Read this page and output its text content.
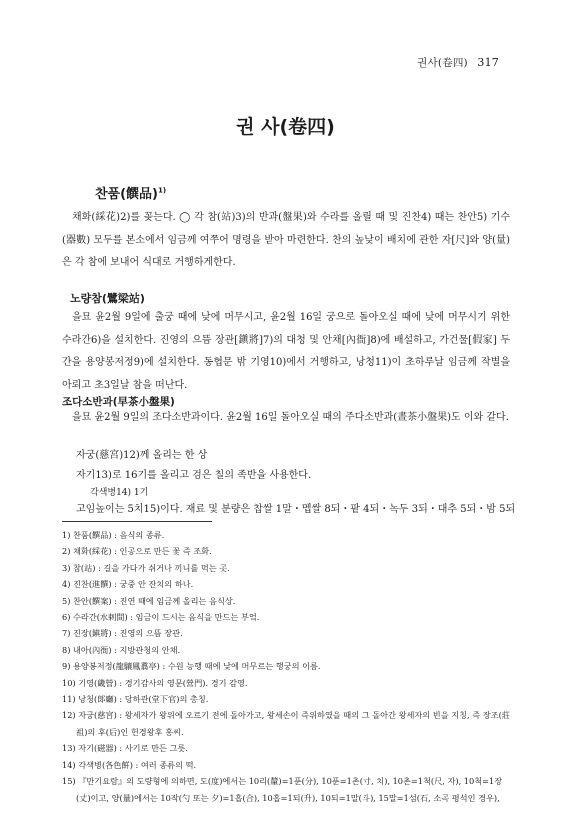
권사(卷四) 317
권 사(卷四)
찬품(饌品)$^{1)}$

채화(綵花)2)를 꽂는다. ◯ 각 참(站)3)의 반과(盤果)와 수라를 올릴 때 및 진찬4) 때는 찬안5) 기수(器數) 모두를 본소에서 임금께 여쭈어 명령을 받아 마련한다. 찬의 높낮이 배치에 관한 자[尺]와 양(量)은 각 참에 보내어 식대로 거행하게한다.

노량참(鷺梁站)

을묘 윤2월 9일에 출궁 때에 낮에 머무시고, 윤2월 16일 궁으로 돌아오실 때에 낮에 머무시기 위한 수라간6)을 설치한다. 진영의 으뜸 장관[鎭將]7)의 대청 및 안채[內衙]8)에 배설하고, 가건물[假家] 두 간을 용양봉저정9)에 설치한다. 동협문 밖 기영10)에서 거행하고, 낭청11)이 초하루날 임금께 작별을 아뢰고 초3일날 참을 떠난다.

조다소반과(早茶小盤果)

을묘 윤2월 9일의 조다소반과이다. 윤2월 16일 돌아오실 때의 주다소반과(晝茶小盤果)도 이와 같다.

자궁(慈宮)12)께 올리는 한 상
자기13)로 16기를 올리고 검은 칠의 족반을 사용한다.
각색병14) 1기
고임높이는 5치15)이다. 재료 및 분량은 찹쌀 1말・멥쌀 8되・팥 4되・녹두 3되・대추 5되・밤 5되
1) 찬품(饌品) : 음식의 종류.
2) 채화(綵花) : 인공으로 만든 꽃 즉 조화.
3) 참(站) : 길을 가다가 쉬거나 끼니를 먹는 곳.
4) 진찬(進饌) : 궁중 안 잔치의 하나.
5) 찬안(饌案) : 진연 때에 임금께 올리는 음식상.
6) 수라간(水剌間) : 임금이 드시는 음식을 만드는 부엌.
7) 진장(鎭將) : 진영의 으뜸 장관.
8) 내아(內衙) : 지방관청의 안채.
9) 용양봉저정(龍驤鳳翥亭) : 수원 능행 때에 낮에 머무르는 행궁의 이름.
10) 기영(畿營) : 경기감사의 영문(營門). 경기 감영.
11) 낭청(郞廳) : 당하관(堂下官)의 총칭.
12) 자궁(慈宮) : 왕세자가 왕위에 오르기 전에 돌아가고, 왕세손이 즉위하였을 때의 그 돌아간 왕세자의 빈을 지칭, 즉 장조(莊祖)의 후(后)인 헌경왕후 홍씨.
13) 자기(磁器) : 사기로 만든 그릇.
14) 각색병(各色餠) : 여러 종류의 떡.
15) 『만기요람』의 도량형에 의하면, 도(度)에서는 10리(釐)=1푼(分), 10푼=1촌(寸, 치), 10촌=1척(尺, 자), 10척=1장(丈)이고, 양(量)에서는 10작(勺 또는 夕)=1홉(合), 10홉=1되(升), 10되=1말(斗), 15말=1섬(石, 소곡 평석인 경우),
